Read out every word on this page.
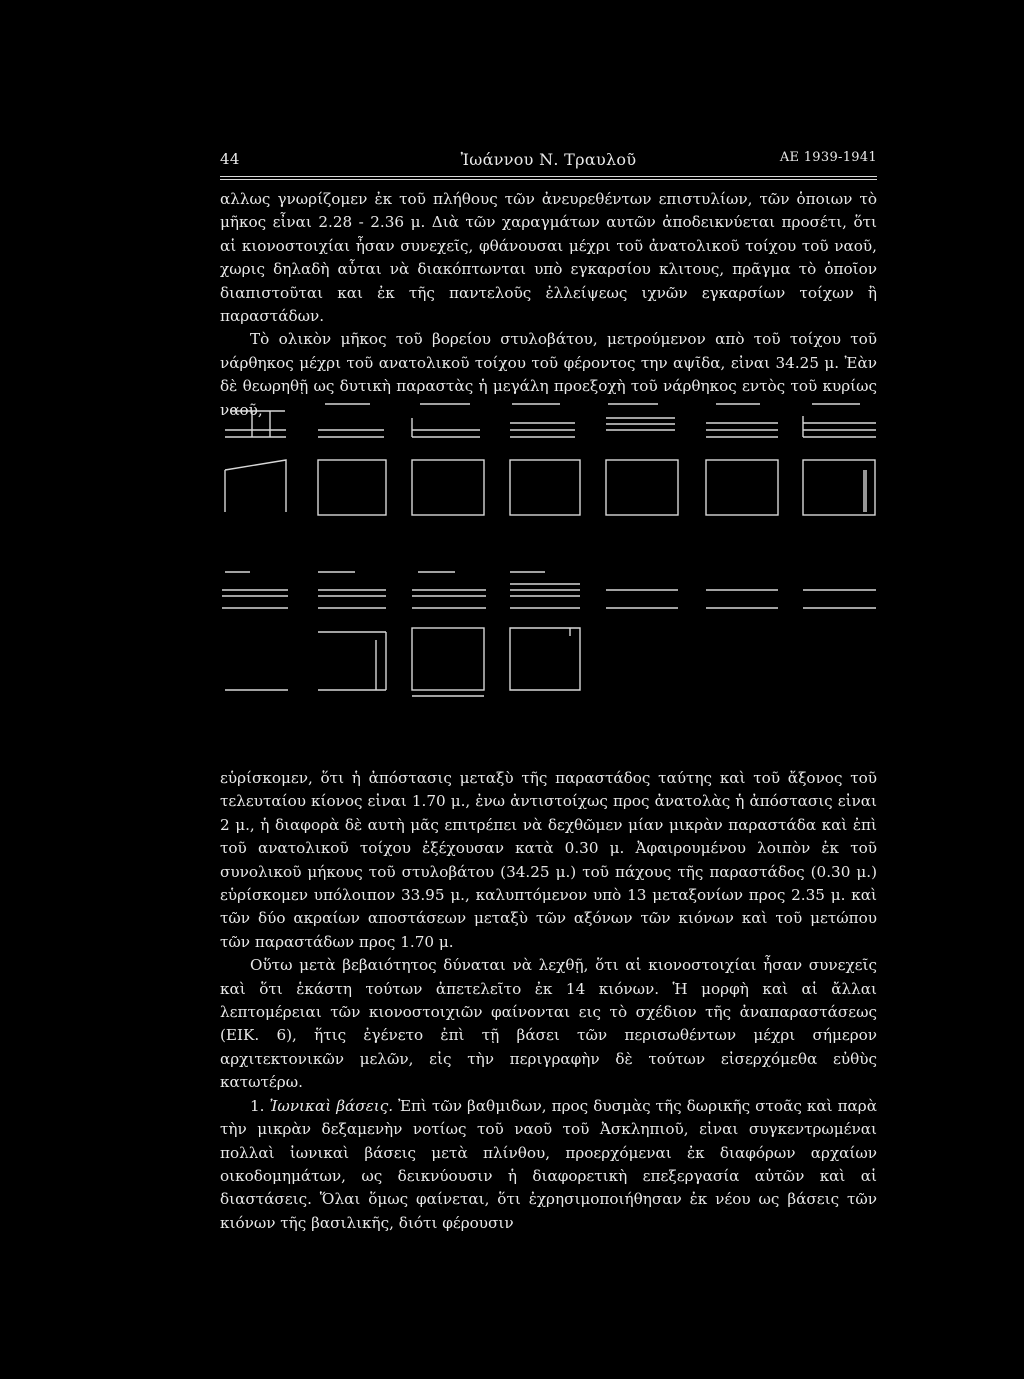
44	Ἰωάννου Ν. Τραυλοῦ	ΑΕ 1939-1941

αλλως γνωρίζομεν ἐκ τοῦ πλήθους τῶν ἀνευρεθέντων επιστυλίων, τῶν ὁποιων τὸ μῆκος εἶναι 2.28 - 2.36 μ. Διὰ τῶν χαραγμάτων αυτῶν ἀποδεικνύεται προσέτι, ὅτι αἱ κιονοστοιχίαι ἦσαν συνεχεῖς, φθάνουσαι μέχρι τοῦ ἀνατολικοῦ τοίχου τοῦ ναοῦ, χωρις δηλαδὴ αὗται νὰ διακόπτωνται υπὸ εγκαρσίου κλιτους, πρᾶγμα τὸ ὁποῖον διαπιστοῦται και ἐκ τῆς παντελοῦς ἐλλείψεως ιχνῶν εγκαρσίων τοίχων ἢ παραστάδων.

Τὸ ολικὸν μῆκος τοῦ βορείου στυλοβάτου, μετρούμενον απὸ τοῦ τοίχου τοῦ νάρθηκος μέχρι τοῦ ανατολικοῦ τοίχου τοῦ φέροντος την αψῖδα, εἰναι 34.25 μ. Ἐὰν δὲ θεωρηθῇ ως δυτικὴ παραστὰς ἡ μεγάλη προεξοχὴ τοῦ νάρθηκος εντὸς τοῦ κυρίως ναοῦ,

εὑρίσκομεν, ὅτι ἡ ἀπόστασις μεταξὺ τῆς παραστάδος ταύτης καὶ τοῦ ἄξονος τοῦ τελευταίου κίονος εἰναι 1.70 μ., ἐνω ἀντιστοίχως προς ἀνατολὰς ἡ ἀπόστασις εἰναι 2 μ., ἡ διαφορὰ δὲ αυτὴ μᾶς επιτρέπει νὰ δεχθῶμεν μίαν μικρὰν παραστάδα καὶ ἐπὶ τοῦ ανατολικοῦ τοίχου ἐξέχουσαν κατὰ 0.30 μ. Ἀφαιρουμένου λοιπὸν ἐκ τοῦ συνολικοῦ μήκους τοῦ στυλοβάτου (34.25 μ.) τοῦ πάχους τῆς παραστάδος (0.30 μ.) εὑρίσκομεν υπόλοιπον 33.95 μ., καλυπτόμενον υπὸ 13 μεταξονίων προς 2.35 μ. καὶ τῶν δύο ακραίων αποστάσεων μεταξὺ τῶν αξόνων τῶν κιόνων καὶ τοῦ μετώπου τῶν παραστάδων προς 1.70 μ.

Οὕτω μετὰ βεβαιότητος δύναται νὰ λεχθῇ, ὅτι αἱ κιονοστοιχίαι ἦσαν συνεχεῖς καὶ ὅτι ἑκάστη τούτων ἀπετελεῖτο ἐκ 14 κιόνων. Ἡ μορφὴ καὶ αἱ ἄλλαι λεπτομέρειαι τῶν κιονοστοιχιῶν φαίνονται εις τὸ σχέδιον τῆς ἀναπαραστάσεως (ΕΙΚ. 6), ἥτις ἐγένετο ἐπὶ τῇ βάσει τῶν περισωθέντων μέχρι σήμερον αρχιτεκτονικῶν μελῶν, εἰς τὴν περιγραφὴν δὲ τούτων εἰσερχόμεθα εὐθὺς κατωτέρω.

1. Ἰωνικαὶ βάσεις. Ἐπὶ τῶν βαθμιδων, προς δυσμὰς τῆς δωρικῆς στοᾶς καὶ παρὰ τὴν μικρὰν δεξαμενὴν νοτίως τοῦ ναοῦ τοῦ Ἀσκληπιοῦ, εἰναι συγκεντρωμέναι πολλαὶ ἰωνικαὶ βάσεις μετὰ πλίνθου, προερχόμεναι ἐκ διαφόρων αρχαίων οικοδομημάτων, ως δεικνύουσιν ἡ διαφορετικὴ επεξεργασία αὐτῶν καὶ αἱ διαστάσεις. Ὅλαι ὅμως φαίνεται, ὅτι ἐχρησιμοποιήθησαν ἐκ νέου ως βάσεις τῶν κιόνων τῆς βασιλικῆς, διότι φέρουσιν
